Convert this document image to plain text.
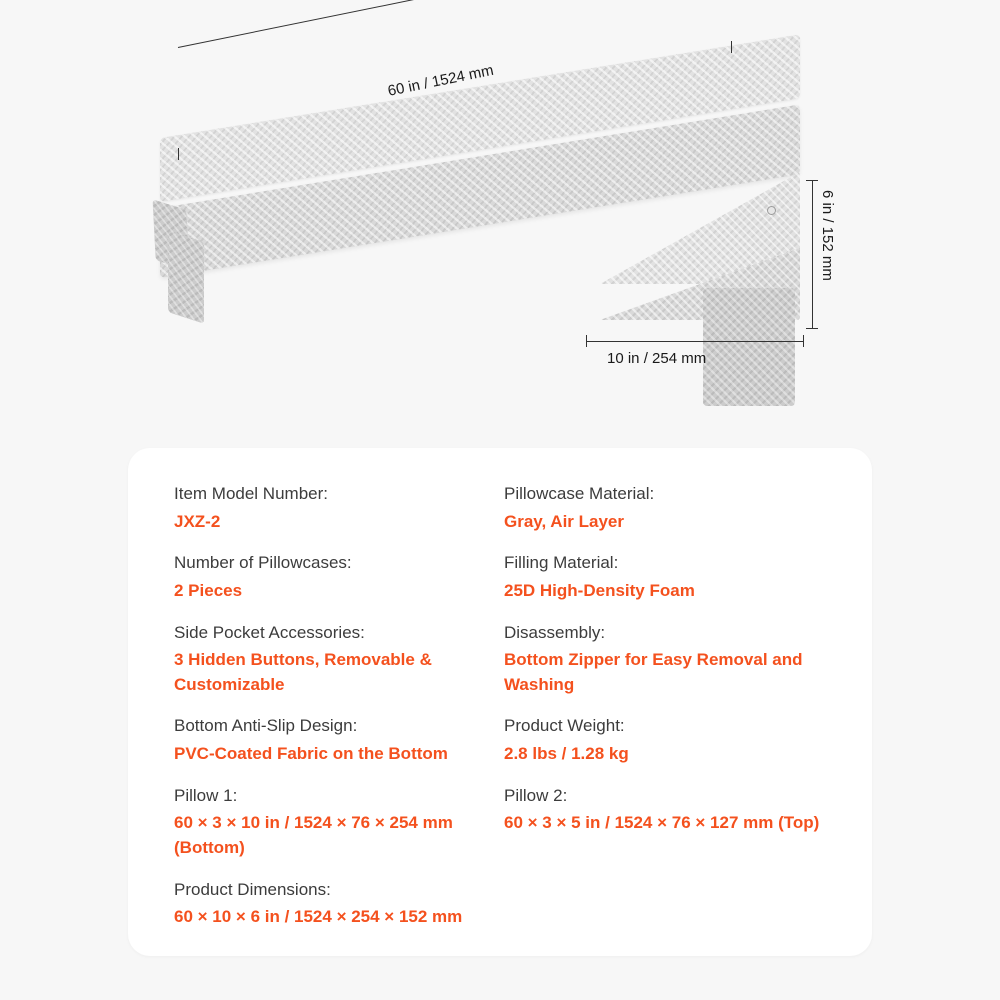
60 in / 1524 mm
6 in / 152 mm
10 in / 254 mm
Item Model Number:
JXZ-2
Number of Pillowcases:
2 Pieces
Side Pocket Accessories:
3 Hidden Buttons, Removable & Customizable
Bottom Anti-Slip Design:
PVC-Coated Fabric on the Bottom
Pillow 1:
60 × 3 × 10 in / 1524 × 76 × 254 mm (Bottom)
Product Dimensions:
60 × 10 × 6 in / 1524 × 254 × 152 mm
Pillowcase Material:
Gray, Air Layer
Filling Material:
25D High-Density Foam
Disassembly:
Bottom Zipper for Easy Removal and Washing
Product Weight:
2.8 lbs / 1.28 kg
Pillow 2:
60 × 3 × 5 in / 1524 × 76 × 127 mm (Top)
